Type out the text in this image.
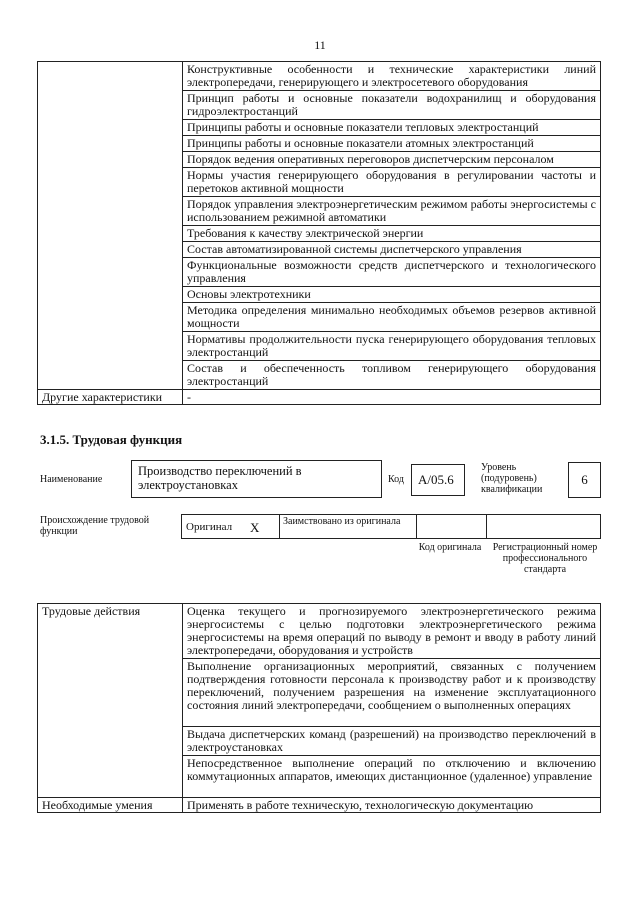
11
	Конструктивные особенности и технические характеристики линий электропередачи, генерирующего и электросетевого оборудования
	Принцип работы и основные показатели водохранилищ и оборудования гидроэлектростанций
	Принципы работы и основные показатели тепловых электростанций
	Принципы работы и основные показатели атомных электростанций
	Порядок ведения оперативных переговоров диспетчерским персоналом
	Нормы участия генерирующего оборудования в регулировании частоты и перетоков активной мощности
	Порядок управления электроэнергетическим режимом работы энергосистемы с использованием режимной автоматики
	Требования к качеству электрической энергии
	Состав автоматизированной системы диспетчерского управления
	Функциональные возможности средств диспетчерского и технологического управления
	Основы электротехники
	Методика определения минимально необходимых объемов резервов активной мощности
	Нормативы продолжительности пуска генерирующего оборудования тепловых электростанций
	Состав и обеспеченность топливом генерирующего оборудования электростанций
Другие характеристики	-
3.1.5. Трудовая функция
Наименование
Производство переключений в электроустановках	Код	A/05.6
Уровень (подуровень) квалификации
6
Происхождение трудовой функции	Оригинал X Заимствовано из оригинала
Код оригинала Регистрационный номер профессионального стандарта
Трудовые действия	Оценка текущего и прогнозируемого электроэнергетического режима энергосистемы с целью подготовки электроэнергетического режима энергосистемы на время операций по выводу в ремонт и вводу в работу линий электропередачи, оборудования и устройств
	Выполнение организационных мероприятий, связанных с получением подтверждения готовности персонала к производству работ и к производству переключений, получением разрешения на изменение эксплуатационного состояния линий электропередачи, сообщением о выполненных операциях
	Выдача диспетчерских команд (разрешений) на производство переключений в электроустановках
	Непосредственное выполнение операций по отключению и включению коммутационных аппаратов, имеющих дистанционное (удаленное) управление
Необходимые умения	Применять в работе техническую, технологическую документацию
